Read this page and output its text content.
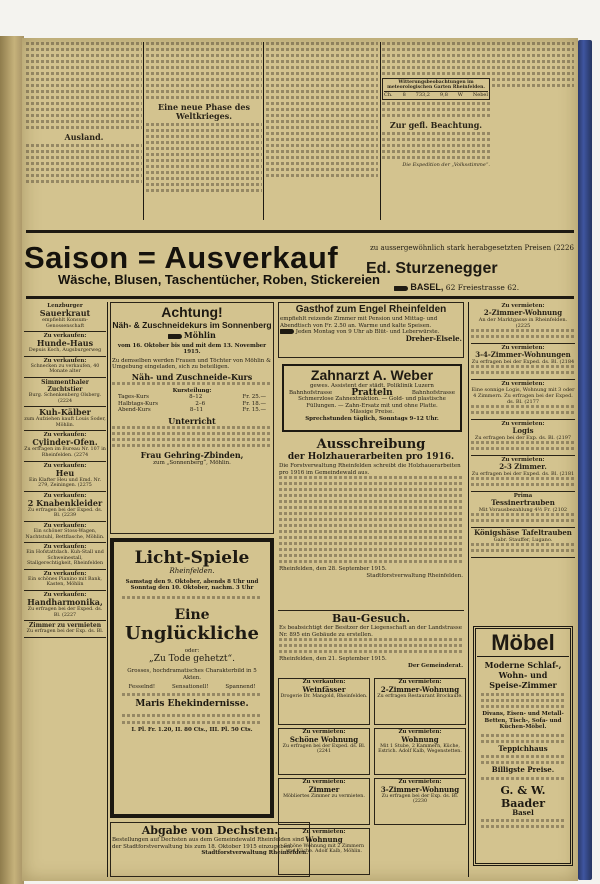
Ausland.
Eine neue Phase des Weltkrieges.
Witterungsbeobachtungen im meteorologischen Garten Rheinfelden.
Ch. 8 733,2 9,8 W Nebel
Zur gefl. Beachtung.
Die Expedition der „Volksstimme“.
Saison = Ausverkauf
Wäsche, Blusen, Taschentücher, Roben, Stickereien
zu aussergewöhnlich stark herabgesetzten Preisen (2226
Ed. Sturzenegger
BASEL, 62 Freiestrasse 62.
Lenzburger
Sauerkraut
empfiehlt Konsum-Genossenschaft
Zu verkaufen:
Hunde-Haus
Depuis Koch, Augsburgerweg
Zu verkaufen:
Schnecken zu verkaufen, 40 Monate alter
Simmenthaler Zuchtstier
Burg. Schenkenberg Olsberg. (2224
Kuh-Kälber
zum Aufziehen kauft Louis Soder, Möhlin.
Zu verkaufen:
Cylinder-Ofen.
Zu erfragen im Bureau Nr. 107 in Rheinfelden. (2274
Zu verkaufen:
Heu
Ein Klafter Heu und Emd. Nr. 279, Zeiningen. (2275
Zu verkaufen:
2 Knabenkleider
Zu erfragen bei der Exped. ds. Bl. (2239
Zu verkaufen:
Ein schöner Stoss-Wagen, Nachtstuhl, Bettflasche, Möhlin.
Zu verkaufen:
Ein Hofstattdach. Kuh-Stall und Schweinestall, Stallgerechtigkeit, Rheinfelden
Zu verkaufen:
Ein schönes Pianino mit Bank, Kasten, Möhlin
Zu verkaufen:
Handharmonika,
Zu erfragen bei der Exped. ds. Bl. (2227
Zimmer zu vermieten
Zu erfragen bei der Exp. ds. Bl.
Achtung!
Näh- & Zuschneidekurs im Sonnenberg
Möhlin
vom 16. Oktober bis und mit dem 13. November 1915.
Zu demselben werden Frauen und Töchter von Möhlin & Umgebung eingeladen, sich zu beteiligen.
Näh- und Zuschneide-Kurs
Kursteilung:
Tages-Kurs	8–12	Fr. 25.—
Halbtags-Kurs	2–6	Fr. 18.—
Abend-Kurs	8–11	Fr. 15.—
Unterricht
Frau Gehring-Zbinden,
zum „Sonnenberg“, Möhlin.
Licht-Spiele
Rheinfelden.
Samstag den 9. Oktober, abends 8 Uhr und Sonntag den 10. Oktober, nachm. 3 Uhr
Eine
Unglückliche
oder:
„Zu Tode gehetzt“.
Grosses, hochdramatisches Charakterbild in 5 Akten.
Fesselnd!	Sensationell!	Spannend!
Maris Ehekindernisse.
I. Pl. Fr. 1.20, II. 80 Cts., III. Pl. 50 Cts.
Abgabe von Dechsten.
Bestellungen auf Dechsten aus dem Gemeindewald Rheinfelden sind der Stadtforstverwaltung bis zum 18. Oktober 1915 einzugeben.
Stadtforstverwaltung Rheinfelden.
Gasthof zum Engel Rheinfelden
empfiehlt reizende Zimmer mit Pension und Mittag- und Abendtisch von Fr. 2.50 an. Warme und kalte Speisen.
Jeden Montag von 9 Uhr ab Blüt- und Leberwürste.
Dreher-Elsele.
Zahnarzt A. Weber
gewes. Assistent der städt. Poliklinik Luzern
Bahnhofstrasse Pratteln	Bahnhofstrasse
Schmerzlose Zahnextraktion. — Gold- und plastische
Füllungen. — Zahn-Ersatz mit und ohne Platte.
Mässige Preise.
Sprechstunden täglich, Sonntags 9–12 Uhr.
Ausschreibung
der Holzhauerarbeiten pro 1916.
Die Forstverwaltung Rheinfelden schreibt die Holzhauerarbeiten pro 1916 im Gemeindewald aus.
Rheinfelden, den 28. September 1915.
Stadtforstverwaltung Rheinfelden.
Bau-Gesuch.
Es beabsichtigt der Besitzer der Liegenschaft an der Landstrasse Nr. 895 ein Gebäude zu erstellen.
Rheinfelden, den 21. September 1915.
Der Gemeinderat.
Zu verkaufen:
Weinfässer
Drogerie Dr. Mangold, Rheinfelden.
Zu vermieten:
2-Zimmer-Wohnung
Zu erfragen Restaurant Brockaufe.
Zu vermieten:
Schöne Wohnung
Zu erfragen bei der Exped. ds. Bl. (2241
Zu vermieten:
Wohnung
Mit 1 Stube, 2 Kammern, Küche, Estrich. Adolf Kalb, Wegenstetten.
Zu vermieten:
Zimmer
Möbliertes Zimmer zu vermieten.
Zu vermieten:
3-Zimmer-Wohnung
Zu erfragen bei der Exp. ds. Bl. (2230
Zu vermieten:
Wohnung
Schöne Wohnung mit 2 Zimmern und Küche. Adolf Kalb, Möhlin.
Zu vermieten:
2-Zimmer-Wohnung
An der Marktgasse in Rheinfelden. (2225
Zu vermieten:
3-4-Zimmer-Wohnungen
Zu erfragen bei der Exped. ds. Bl. (2184
Zu vermieten:
Eine sonnige Logis, Wohnung mit 3 oder 4 Zimmern. Zu erfragen bei der Exped. ds. Bl. (2177
Zu vermieten:
Logis
Zu erfragen bei der Exp. ds. Bl. (2197
Zu vermieten:
2-3 Zimmer.
Zu erfragen bei der Exped. ds. Bl. (2181
Prima
Tessinertrauben
Mit Vorausbezahlung 4½ Fr. (2102
Königshäse Tafeltrauben
Gabr. Stauffer, Lugano.
Möbel
Moderne Schlaf-,
Wohn- und
Speise-Zimmer
Divans, Eisen- und Metall-Betten, Tisch-, Sofa- und Küchen-Möbel.
Teppichhaus
Billigste Preise.
G. & W. Baader
Basel
